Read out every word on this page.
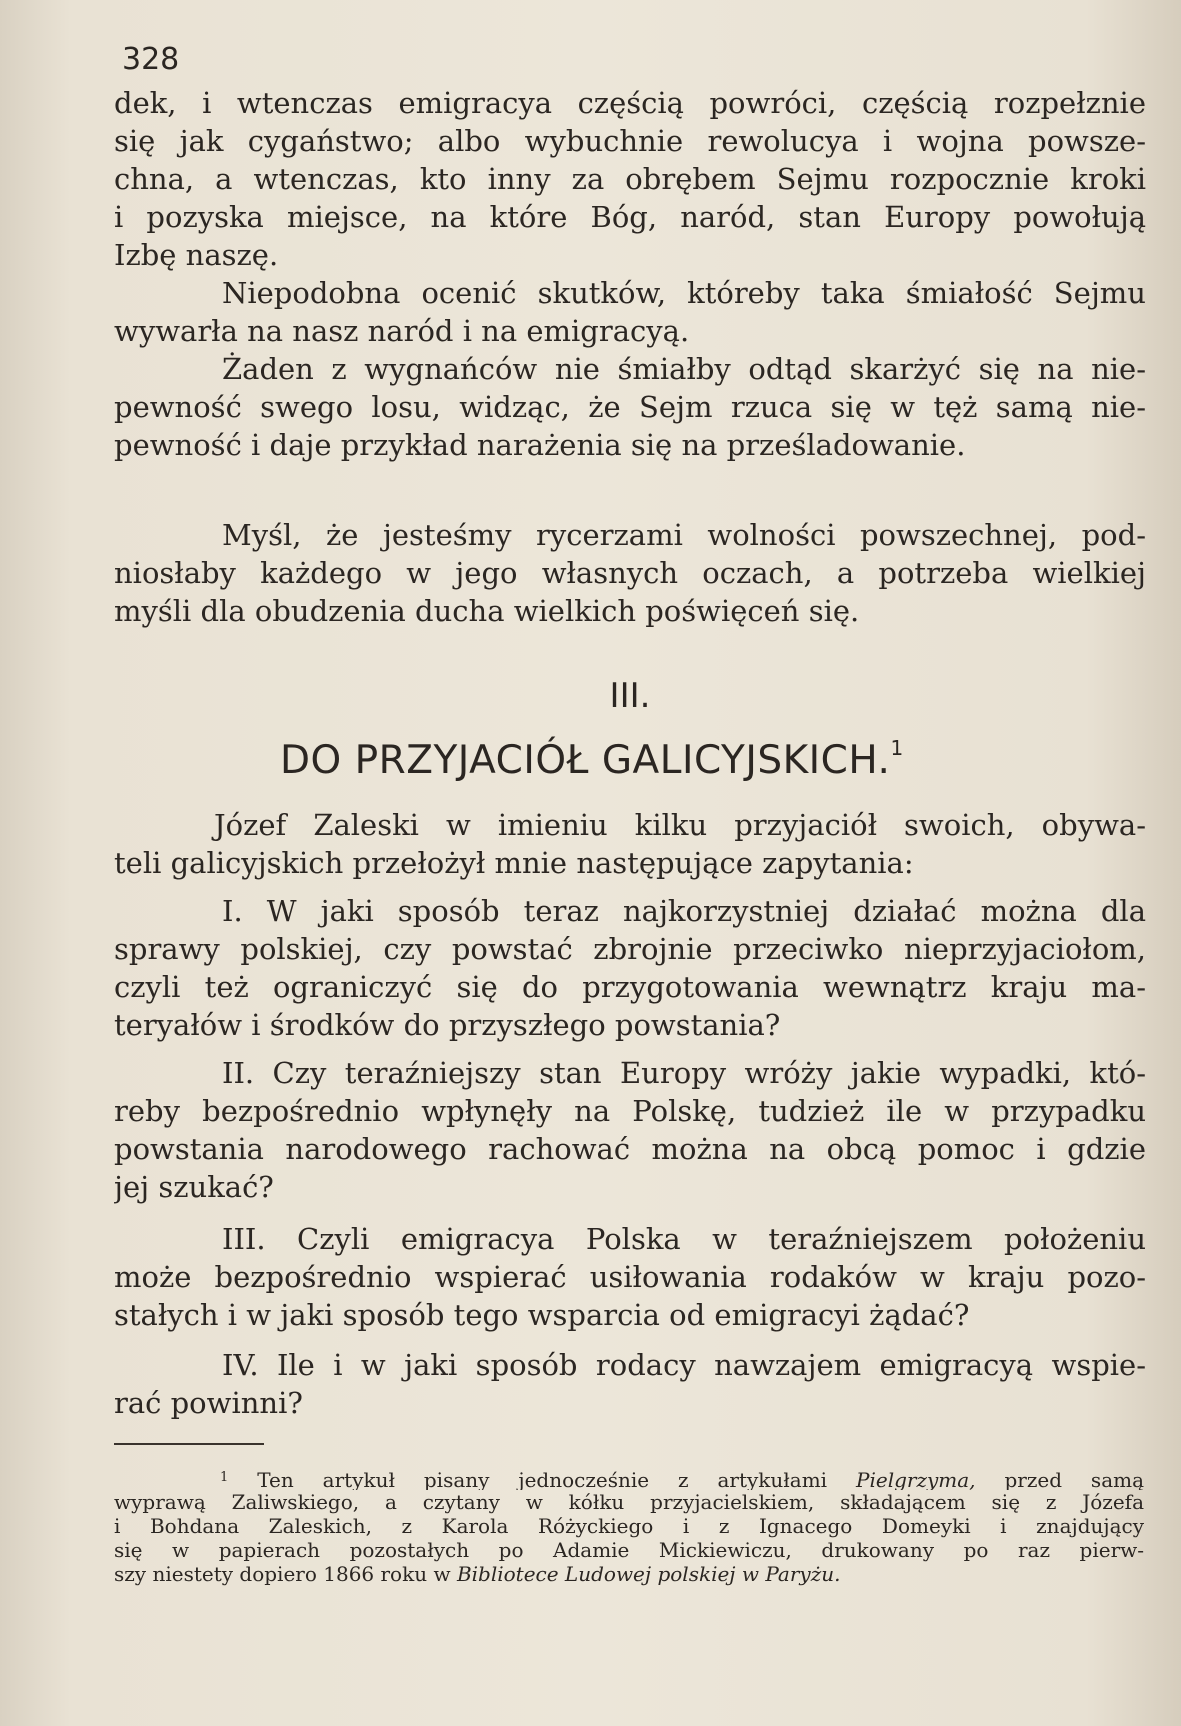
328
dek, i wtenczas emigracya częścią powróci, częścią rozpełznie
się jak cygaństwo; albo wybuchnie rewolucya i wojna powsze-
chna, a wtenczas, kto inny za obrębem Sejmu rozpocznie kroki
i pozyska miejsce, na które Bóg, naród, stan Europy powołują
Izbę naszę.
Niepodobna ocenić skutków, któreby taka śmiałość Sejmu
wywarła na nasz naród i na emigracyą.
Żaden z wygnańców nie śmiałby odtąd skarżyć się na nie-
pewność swego losu, widząc, że Sejm rzuca się w tęż samą nie-
pewność i daje przykład narażenia się na prześladowanie.
Myśl, że jesteśmy rycerzami wolności powszechnej, pod-
niosłaby każdego w jego własnych oczach, a potrzeba wielkiej
myśli dla obudzenia ducha wielkich poświęceń się.
III.
DO PRZYJACIÓŁ GALICYJSKICH.$^1$
Józef Zaleski w imieniu kilku przyjaciół swoich, obywa-
teli galicyjskich przełożył mnie następujące zapytania:
I. W jaki sposób teraz najkorzystniej działać można dla
sprawy polskiej, czy powstać zbrojnie przeciwko nieprzyjaciołom,
czyli też ograniczyć się do przygotowania wewnątrz kraju ma-
teryałów i środków do przyszłego powstania?
II. Czy teraźniejszy stan Europy wróży jakie wypadki, któ-
reby bezpośrednio wpłynęły na Polskę, tudzież ile w przypadku
powstania narodowego rachować można na obcą pomoc i gdzie
jej szukać?
III. Czyli emigracya Polska w teraźniejszem położeniu
może bezpośrednio wspierać usiłowania rodaków w kraju pozo-
stałych i w jaki sposób tego wsparcia od emigracyi żądać?
IV. Ile i w jaki sposób rodacy nawzajem emigracyą wspie-
rać powinni?
$^1$ Ten artykuł pisany jednocześnie z artykułami Pielgrzyma, przed samą
wyprawą Zaliwskiego, a czytany w kółku przyjacielskiem, składającem się z Józefa
i Bohdana Zaleskich, z Karola Różyckiego i z Ignacego Domeyki i znajdujący
się w papierach pozostałych po Adamie Mickiewiczu, drukowany po raz pierw-
szy niestety dopiero 1866 roku w Bibliotece Ludowej polskiej w Paryżu.
